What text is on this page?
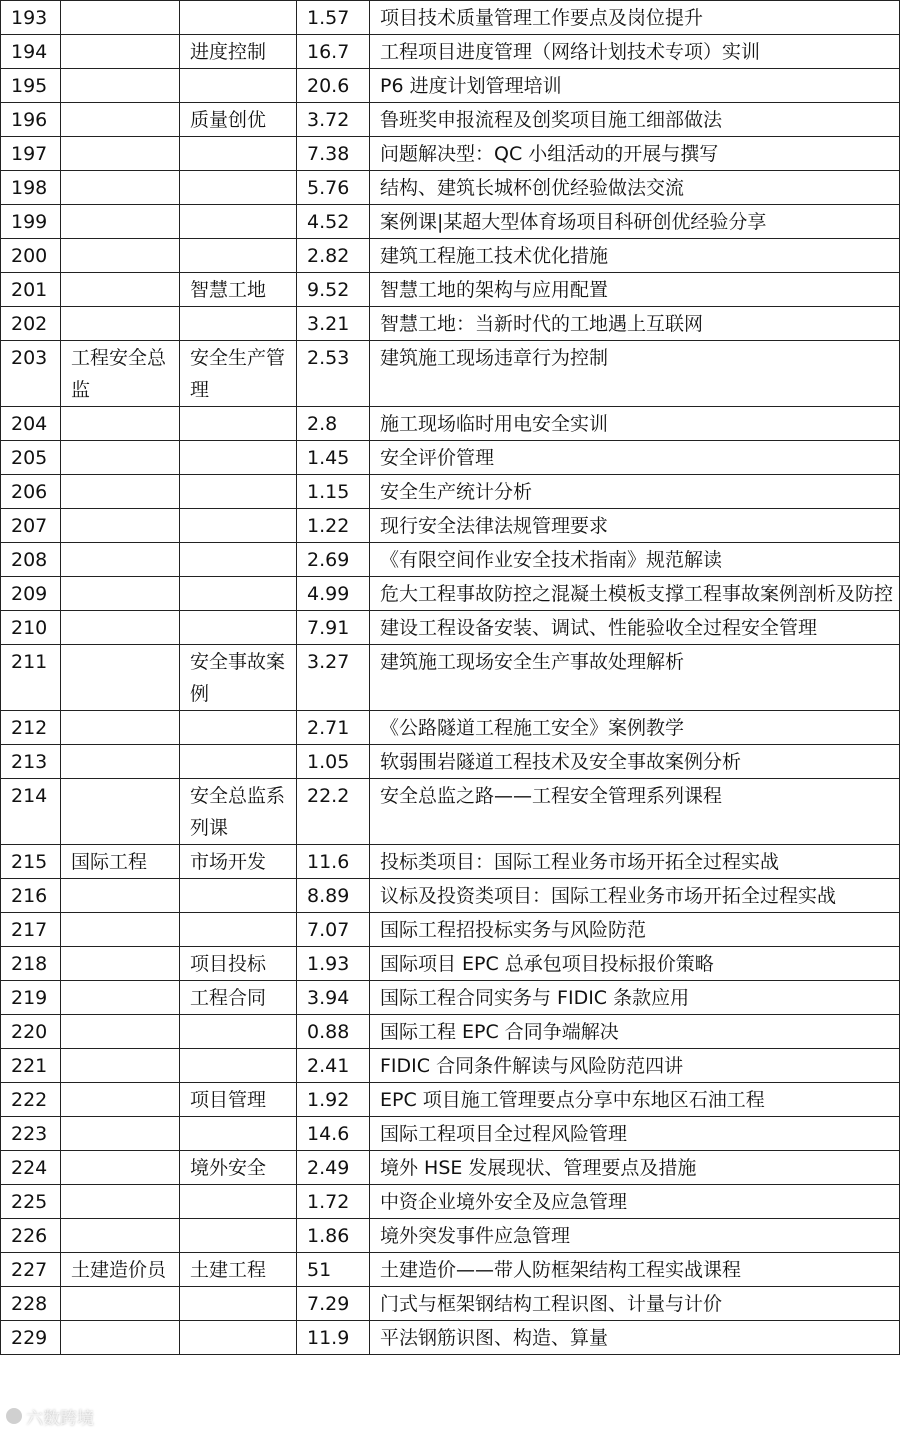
193			1.57	项目技术质量管理工作要点及岗位提升
194		进度控制	16.7	工程项目进度管理（网络计划技术专项）实训
195			20.6	P6 进度计划管理培训
196		质量创优	3.72	鲁班奖申报流程及创奖项目施工细部做法
197			7.38	问题解决型：QC 小组活动的开展与撰写
198			5.76	结构、建筑长城杯创优经验做法交流
199			4.52	案例课|某超大型体育场项目科研创优经验分享
200			2.82	建筑工程施工技术优化措施
201		智慧工地	9.52	智慧工地的架构与应用配置
202			3.21	智慧工地：当新时代的工地遇上互联网
203	工程安全总监	安全生产管理	2.53	建筑施工现场违章行为控制
204			2.8	施工现场临时用电安全实训
205			1.45	安全评价管理
206			1.15	安全生产统计分析
207			1.22	现行安全法律法规管理要求
208			2.69	《有限空间作业安全技术指南》规范解读
209			4.99	危大工程事故防控之混凝土模板支撑工程事故案例剖析及防控
210			7.91	建设工程设备安装、调试、性能验收全过程安全管理
211		安全事故案例	3.27	建筑施工现场安全生产事故处理解析
212			2.71	《公路隧道工程施工安全》案例教学
213			1.05	软弱围岩隧道工程技术及安全事故案例分析
214		安全总监系列课	22.2	安全总监之路——工程安全管理系列课程
215	国际工程	市场开发	11.6	投标类项目：国际工程业务市场开拓全过程实战
216			8.89	议标及投资类项目：国际工程业务市场开拓全过程实战
217			7.07	国际工程招投标实务与风险防范
218		项目投标	1.93	国际项目 EPC 总承包项目投标报价策略
219		工程合同	3.94	国际工程合同实务与 FIDIC 条款应用
220			0.88	国际工程 EPC 合同争端解决
221			2.41	FIDIC 合同条件解读与风险防范四讲
222		项目管理	1.92	EPC 项目施工管理要点分享中东地区石油工程
223			14.6	国际工程项目全过程风险管理
224		境外安全	2.49	境外 HSE 发展现状、管理要点及措施
225			1.72	中资企业境外安全及应急管理
226			1.86	境外突发事件应急管理
227	土建造价员	土建工程	51	土建造价——带人防框架结构工程实战课程
228			7.29	门式与框架钢结构工程识图、计量与计价
229			11.9	平法钢筋识图、构造、算量
六数跨境
